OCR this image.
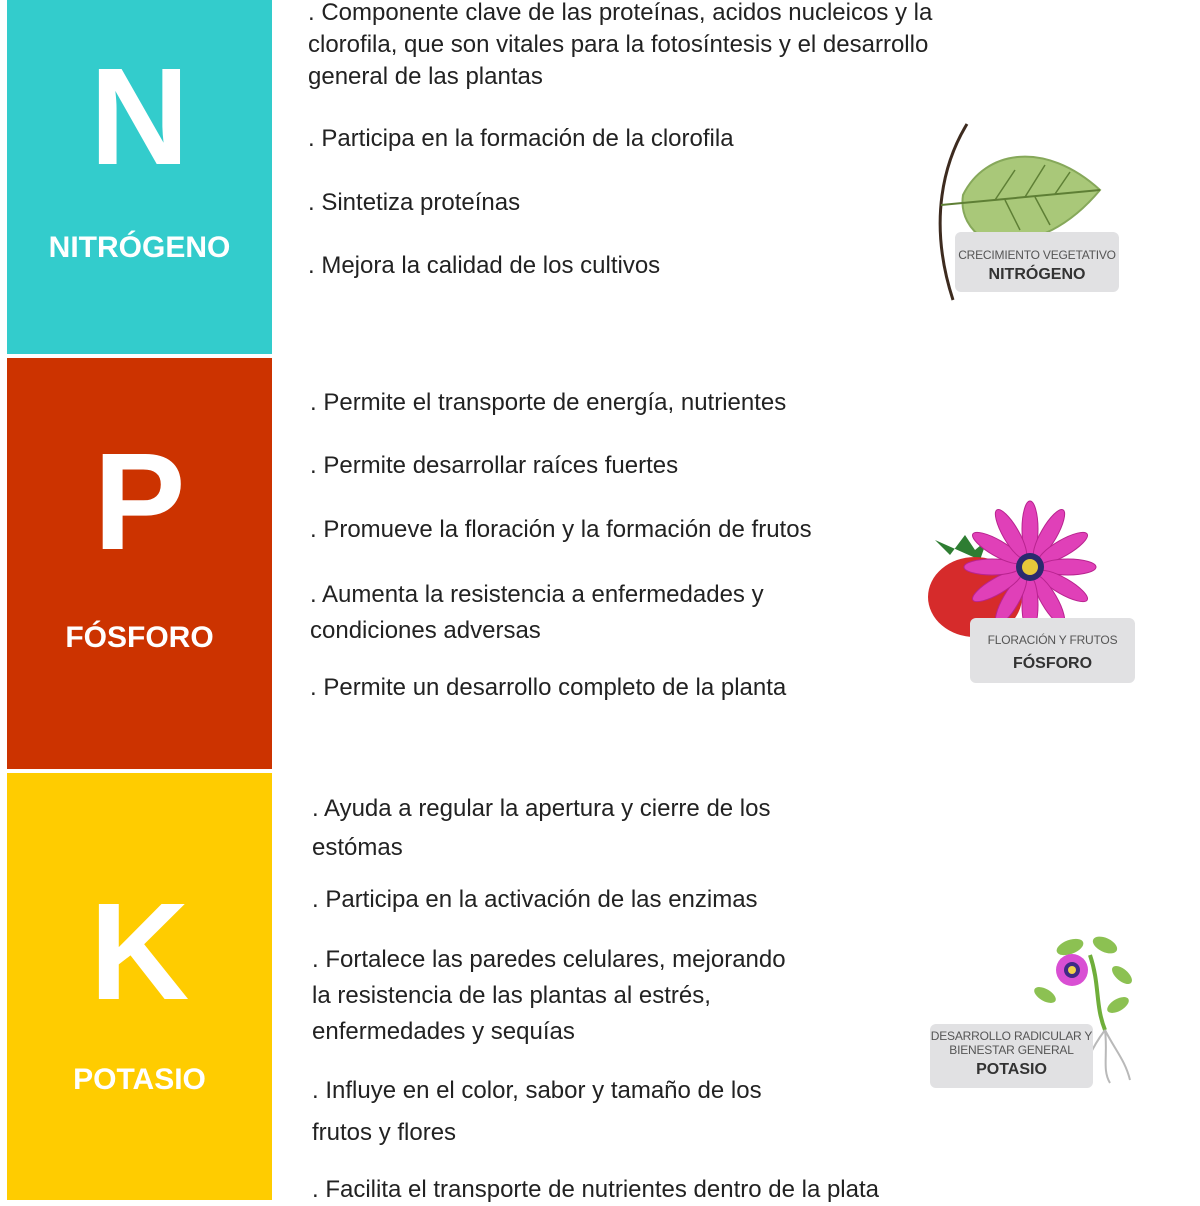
N
NITRÓGENO
. Componente clave de las proteínas, acidos nucleicos y la
clorofila, que son vitales para la fotosíntesis y el desarrollo
general de las plantas
. Participa en la formación de la clorofila
. Sintetiza proteínas
. Mejora la calidad de los cultivos	CRECIMIENTO VEGETATIVO
NITRÓGENO
P
FÓSFORO
. Permite el transporte de energía, nutrientes
. Permite desarrollar raíces fuertes
. Promueve la floración y la formación de frutos
. Aumenta la resistencia a enfermedades y
condiciones adversas
. Permite un desarrollo completo de la planta
FLORACIÓN Y FRUTOS
FÓSFORO
K
POTASIO
. Ayuda a regular la apertura y cierre de los
estómas
. Participa en la activación de las enzimas
. Fortalece las paredes celulares, mejorando
la resistencia de las plantas al estrés,
enfermedades y sequías
. Influye en el color, sabor y tamaño de los
frutos y flores
. Facilita el transporte de nutrientes dentro de la plata
DESARROLLO RADICULAR Y
BIENESTAR GENERAL
POTASIO
